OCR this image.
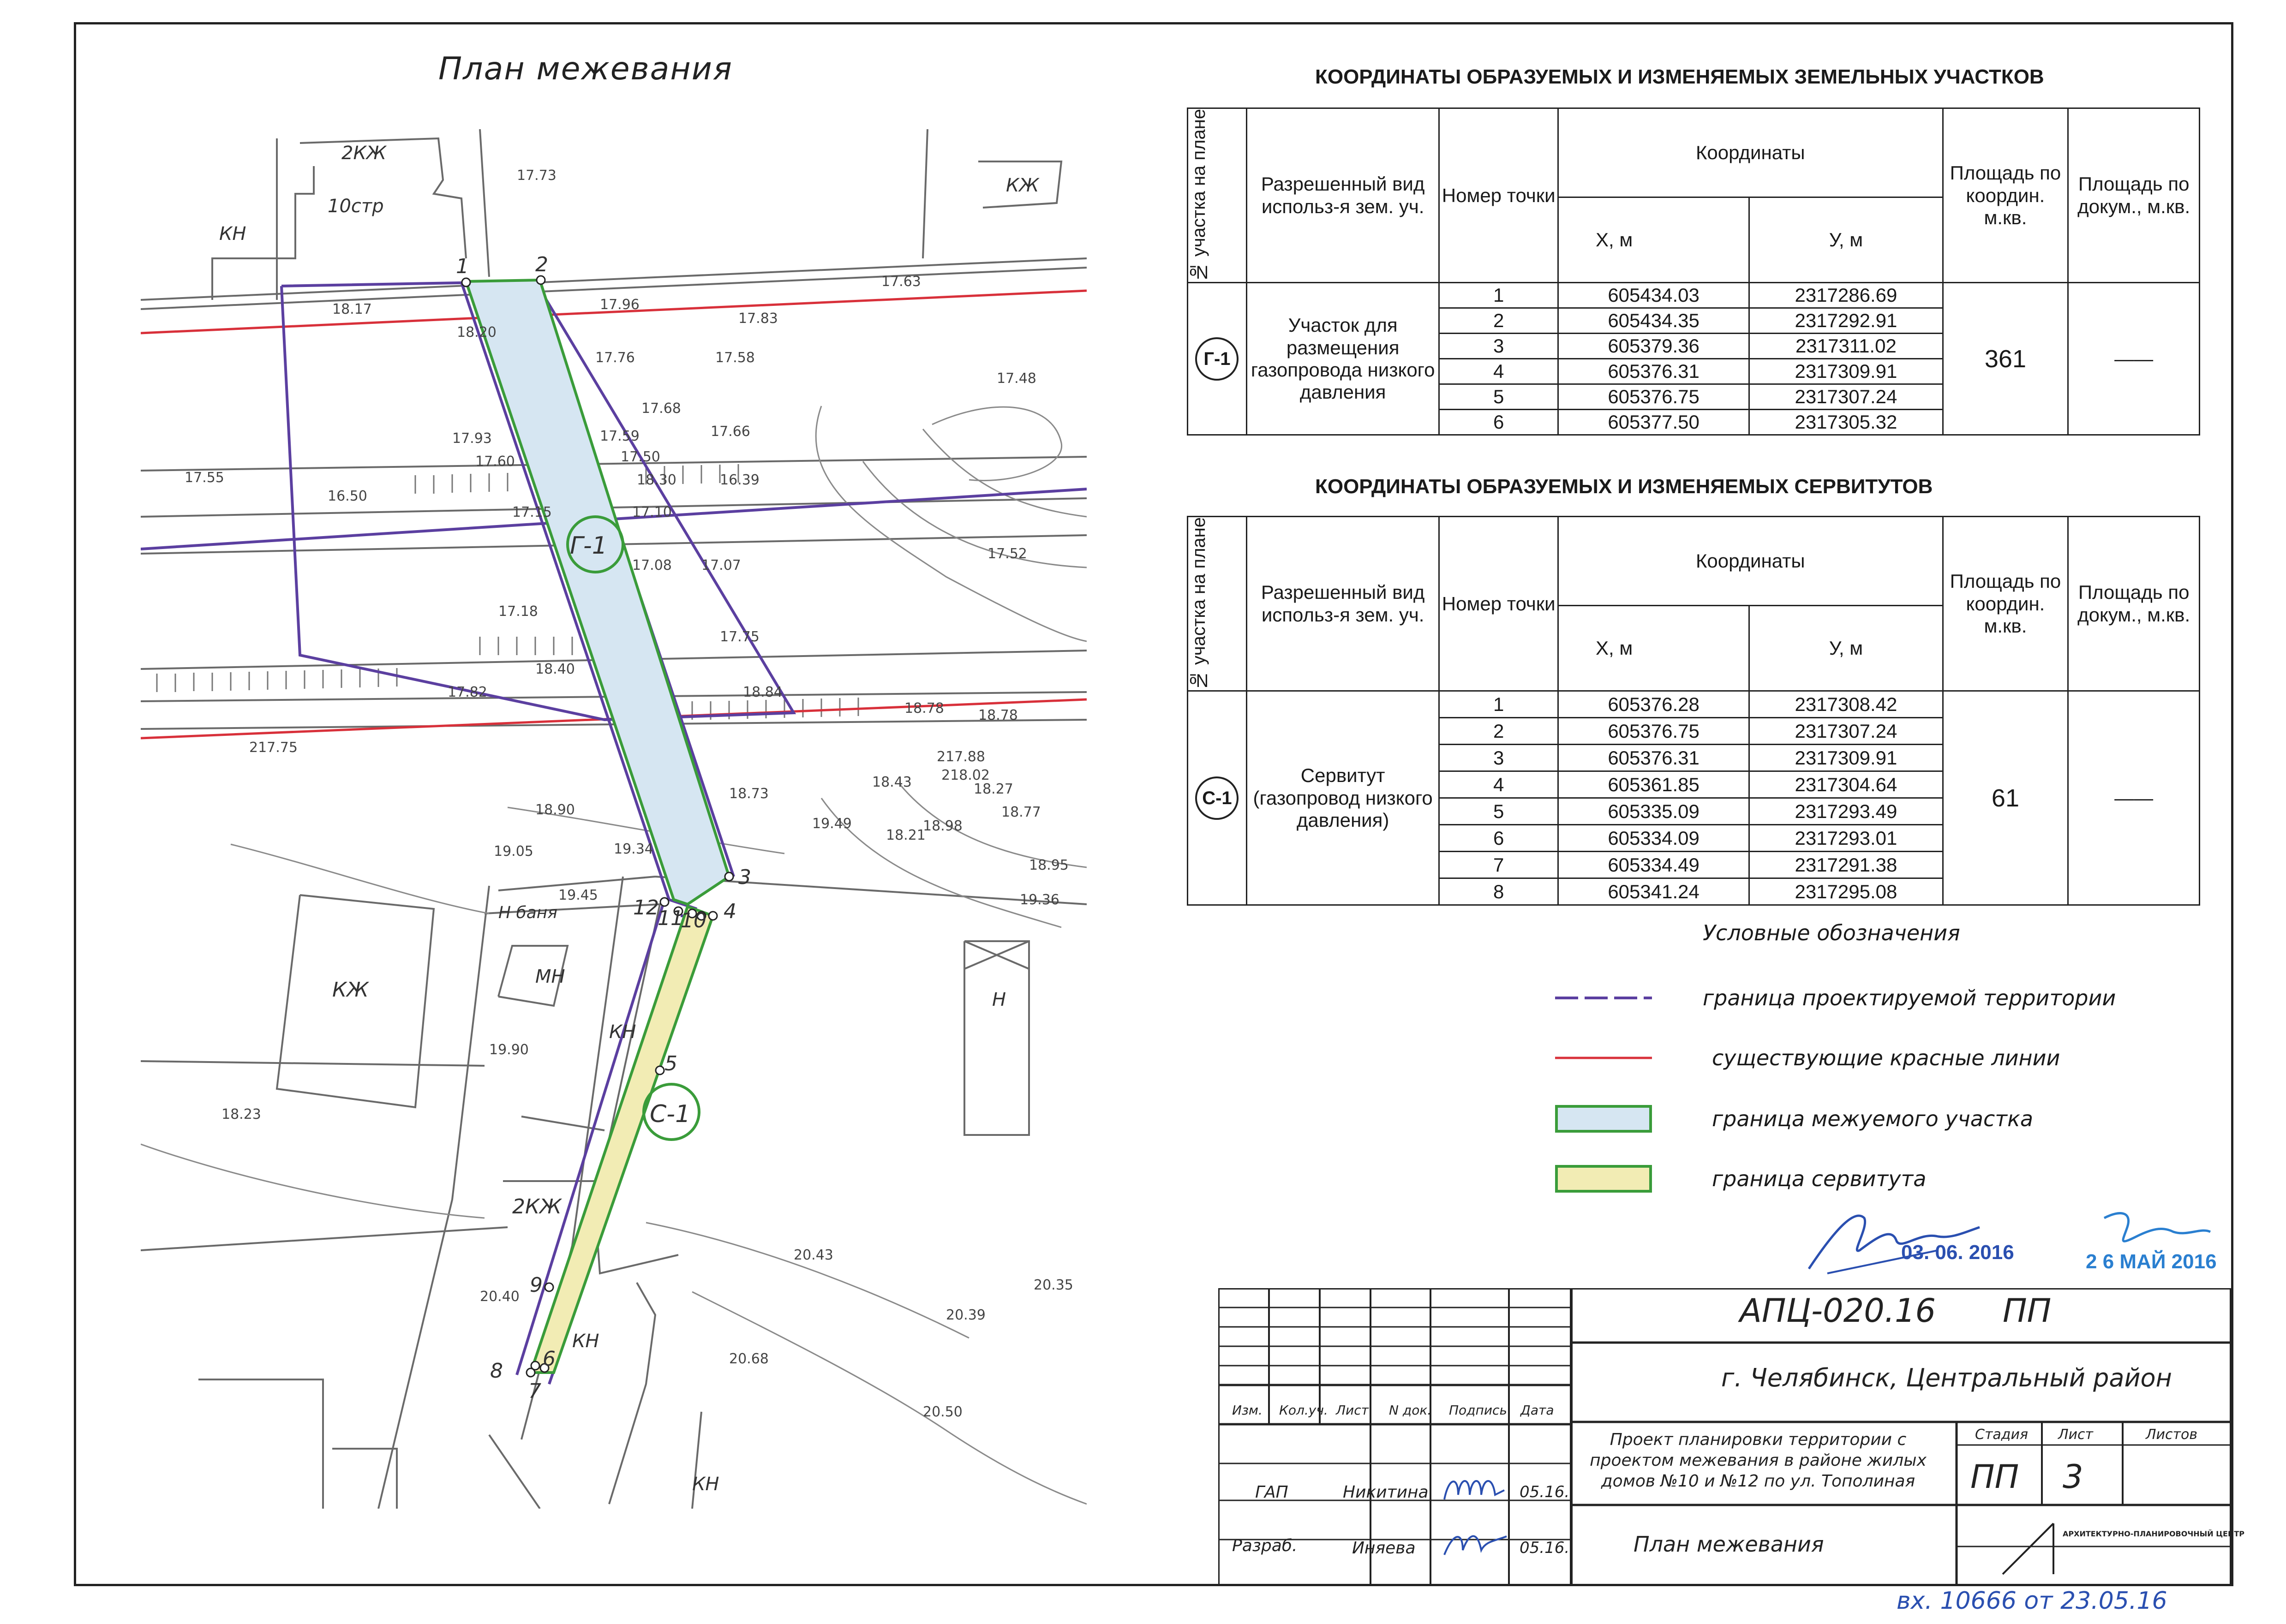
Г-1
С-1
1	2
12
11
10
3
4
5
9
8
6
7
2КЖ
10стр
КЖ
КН
КЖ
МН
КН
2КЖ
КН
КН
Н
Н баня
17.73
18.17
18.20
17.96
17.63
17.83
17.76	17.58
17.48
17.68
17.93	17.59	17.66
17.60	17.50
17.55	18.30	16.39
16.50
17.15	17.10
17.08 17.07
17.52
17.18
17.75
18.40
18.84
17.82
18.78 18.78
217.88
217.75
18.43 218.02
18.27
18.73
18.77
18.90
19.49
18.21
18.98
19.05	19.34
18.95
19.45	19.36
19.90
18.23
20.43
20.35
20.40
20.39
20.68
20.50
План межевания	КООРДИНАТЫ ОБРАЗУЕМЫХ И ИЗМЕНЯЕМЫХ ЗЕМЕЛЬНЫХ УЧАСТКОВ
№ участка на плане	Разрешенный вид использ-я зем. уч.	Номер точки	Координаты		Площадь по координ. м.кв.	Площадь по докум., м.кв.
			Х, м	У, м		
Г-1	Участок для размещения газопровода низкого давления	1	605434.03	2317286.69	361	——
		2	605434.35	2317292.91		
		3	605379.36	2317311.02		
		4	605376.31	2317309.91		
		5	605376.75	2317307.24		
		6	605377.50	2317305.32		
КООРДИНАТЫ ОБРАЗУЕМЫХ И ИЗМЕНЯЕМЫХ СЕРВИТУТОВ
№ участка на плане	Разрешенный вид использ-я зем. уч.	Номер точки	Координаты		Площадь по координ. м.кв.	Площадь по докум., м.кв.
			Х, м	У, м		
С-1	Сервитут (газопровод низкого давления)	1	605376.28	2317308.42	61	——
		2	605376.75	2317307.24		
		3	605376.31	2317309.91		
		4	605361.85	2317304.64		
		5	605335.09	2317293.49		
		6	605334.09	2317293.01		
		7	605334.49	2317291.38		
		8	605341.24	2317295.08		
Условные обозначения
граница проектируемой территории
существующие красные линии
граница межуемого участка
граница сервитута
03. 06. 2016	2 6 МАЙ 2016
АПЦ-020.16 ПП
г. Челябинск, Центральный район
Изм. Кол.уч. Лист N док. Подпись Дата
Проект планировки территории с проектом межевания в районе жилых домов №10 и №12 по ул. Тополиная
Стадия Лист	Листов
ПП 3
ГАП	Никитина	05.16.
Разраб.	Иняева	05.16.	План межевания	АРХИТЕКТУРНО-ПЛАНИРОВОЧНЫЙ ЦЕНТР
вх. 10666 от 23.05.16
